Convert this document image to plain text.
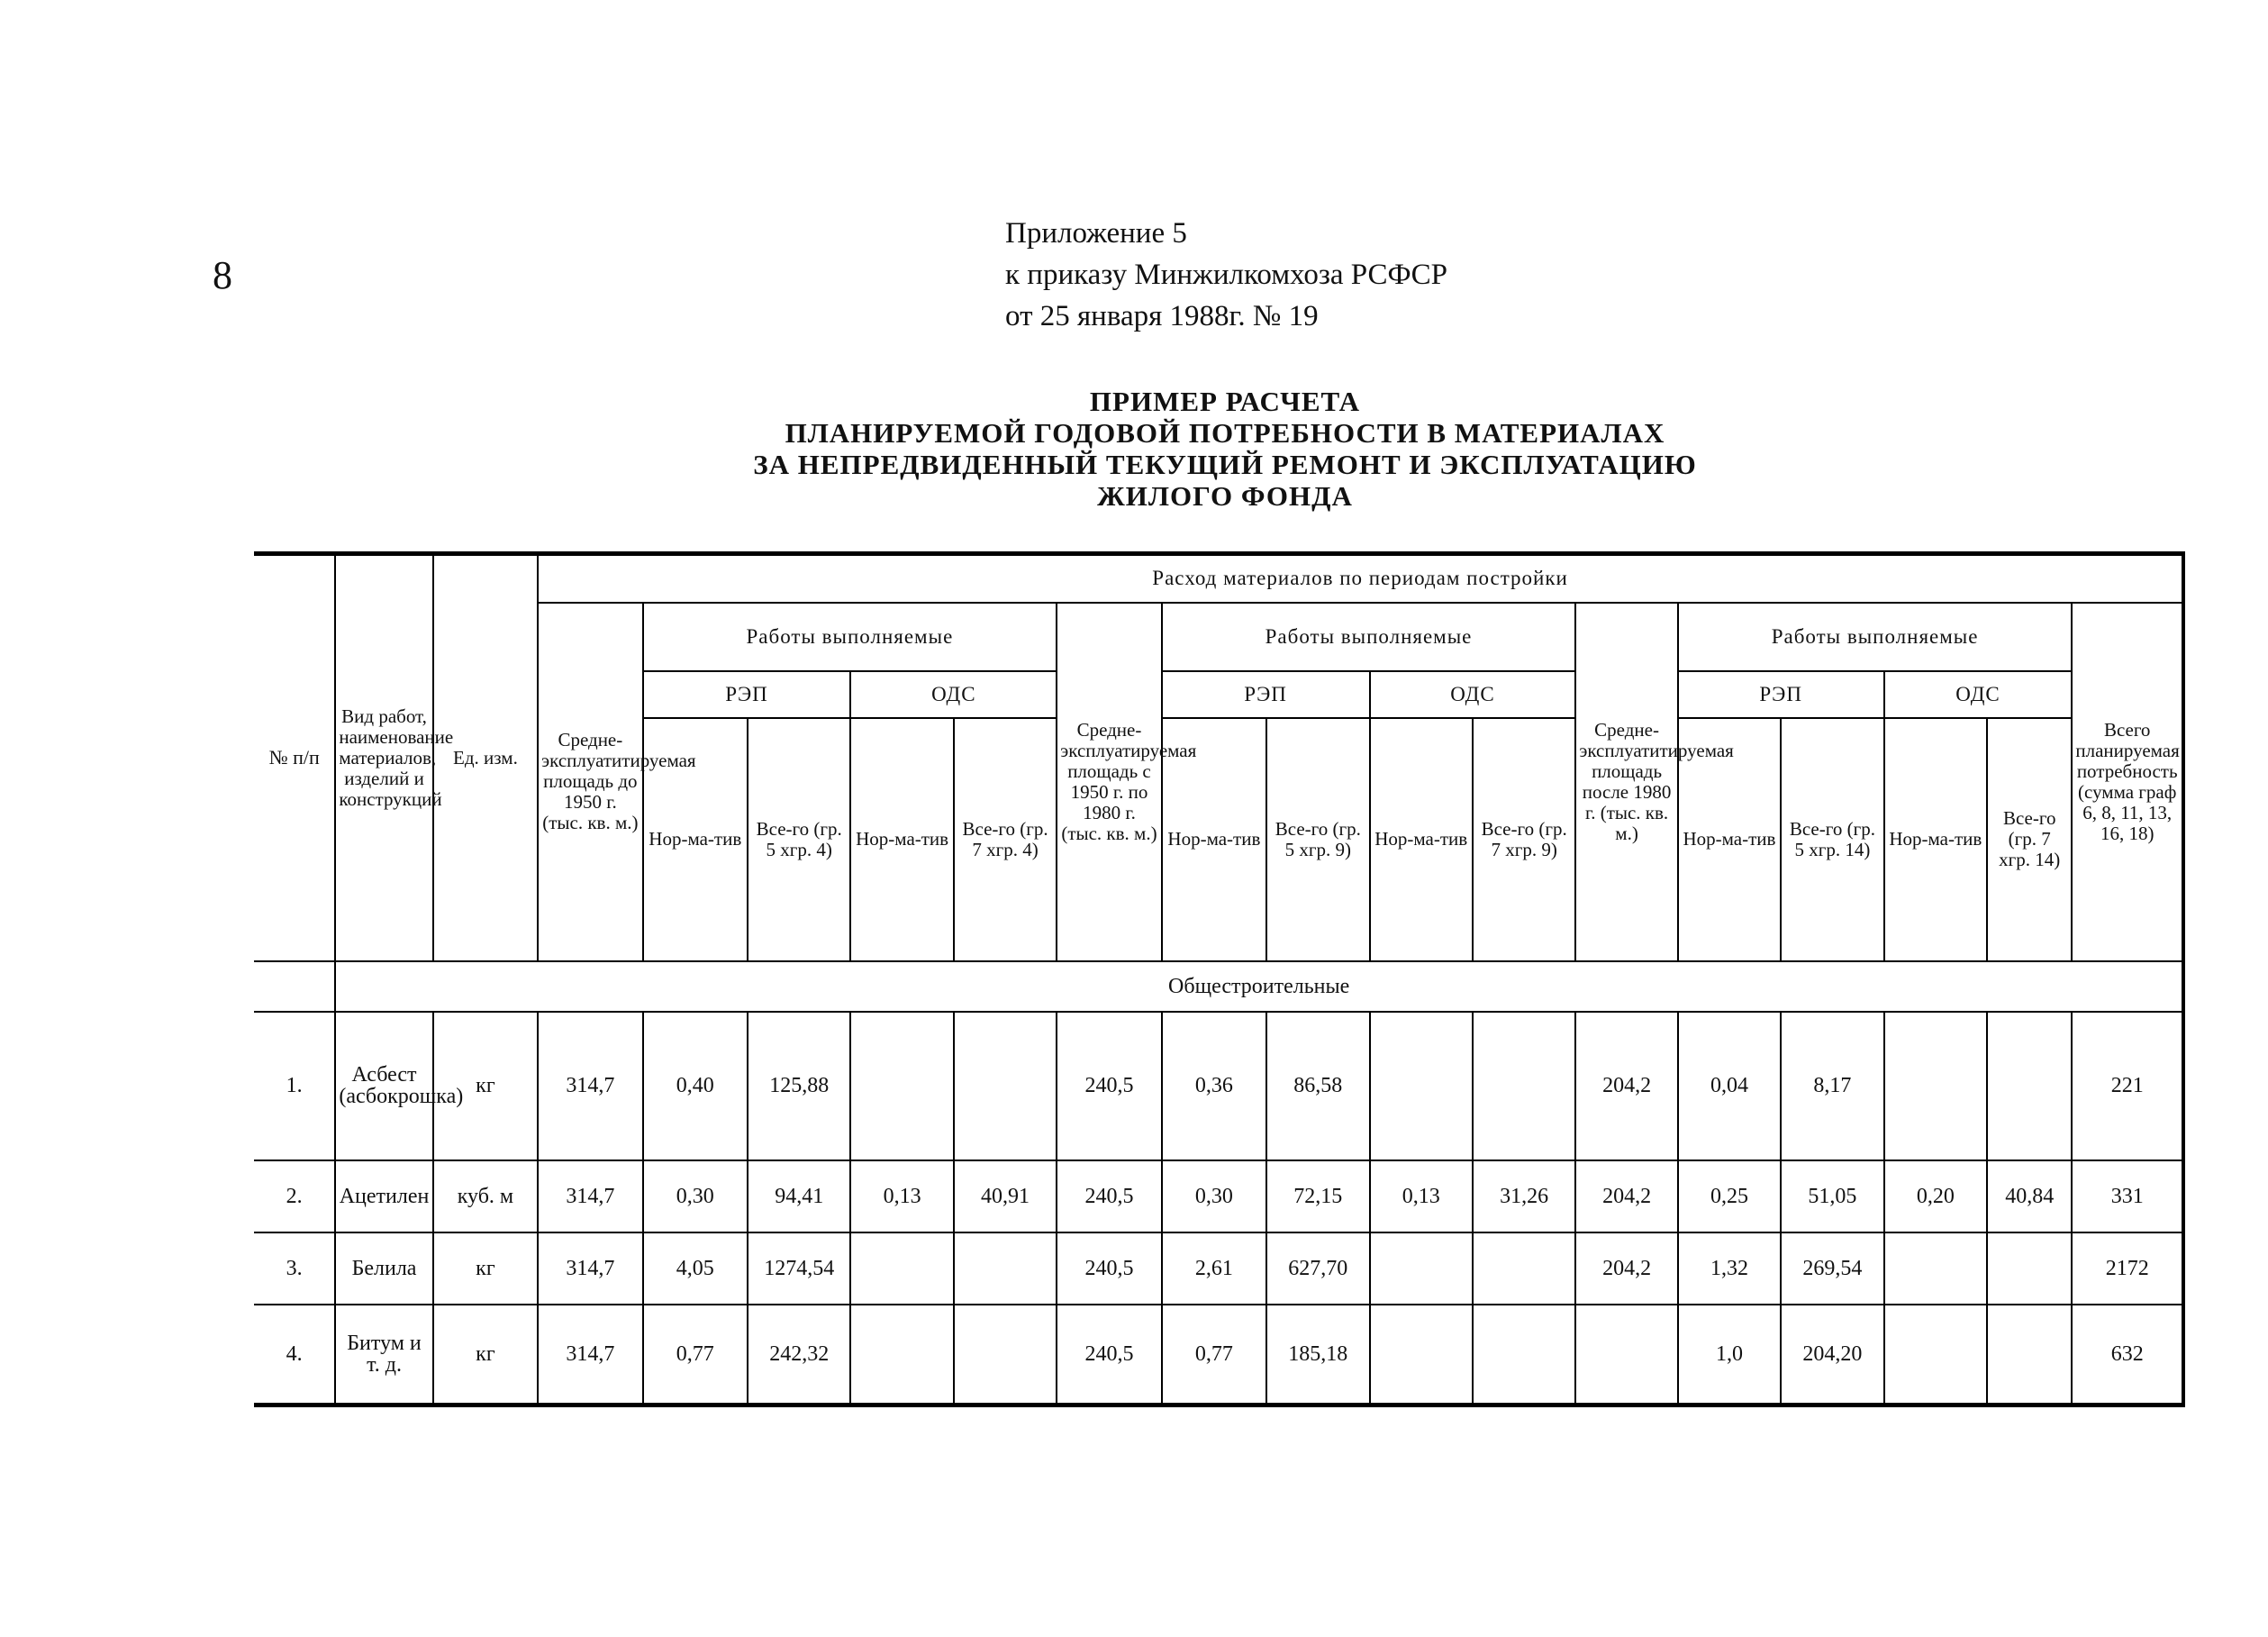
8
Приложение 5
к приказу Минжилкомхоза РСФСР
от 25 января 1988г. № 19
ПРИМЕР РАСЧЕТА
ПЛАНИРУЕМОЙ ГОДОВОЙ ПОТРЕБНОСТИ В МАТЕРИАЛАХ
ЗА НЕПРЕДВИДЕННЫЙ ТЕКУЩИЙ РЕМОНТ И ЭКСПЛУАТАЦИЮ
ЖИЛОГО ФОНДА
№ п/п	Вид работ, наименование материалов, изделий и конструкций	Ед. изм.	Расход материалов по периодам постройки															
			Средне-эксплуатитируемая площадь до 1950 г. (тыс. кв. м.)	Работы выполняемые				Средне-эксплуатируемая площадь с 1950 г. по 1980 г. (тыс. кв. м.)	Работы выполняемые				Средне-эксплуатитируемая площадь после 1980 г. (тыс. кв. м.)	Работы выполняемые				Всего планируемая потребность (сумма граф 6, 8, 11, 13, 16, 18)
				РЭП		ОДС			РЭП		ОДС			РЭП		ОДС		
				Нор-ма-тив	Все-го (гр. 5 хгр. 4)	Нор-ма-тив	Все-го (гр. 7 хгр. 4)		Нор-ма-тив	Все-го (гр. 5 хгр. 9)	Нор-ма-тив	Все-го (гр. 7 хгр. 9)		Нор-ма-тив	Все-го (гр. 5 хгр. 14)	Нор-ма-тив	Все-го (гр. 7 хгр. 14)	
	Общестроительные																	
1.	Асбест (асбокрошка)	кг	314,7	0,40	125,88			240,5	0,36	86,58			204,2	0,04	8,17			221
2.	Ацетилен	куб. м	314,7	0,30	94,41	0,13	40,91	240,5	0,30	72,15	0,13	31,26	204,2	0,25	51,05	0,20	40,84	331
3.	Белила	кг	314,7	4,05	1274,54			240,5	2,61	627,70			204,2	1,32	269,54			2172
4.	Битум и т. д.	кг	314,7	0,77	242,32			240,5	0,77	185,18				1,0	204,20			632
